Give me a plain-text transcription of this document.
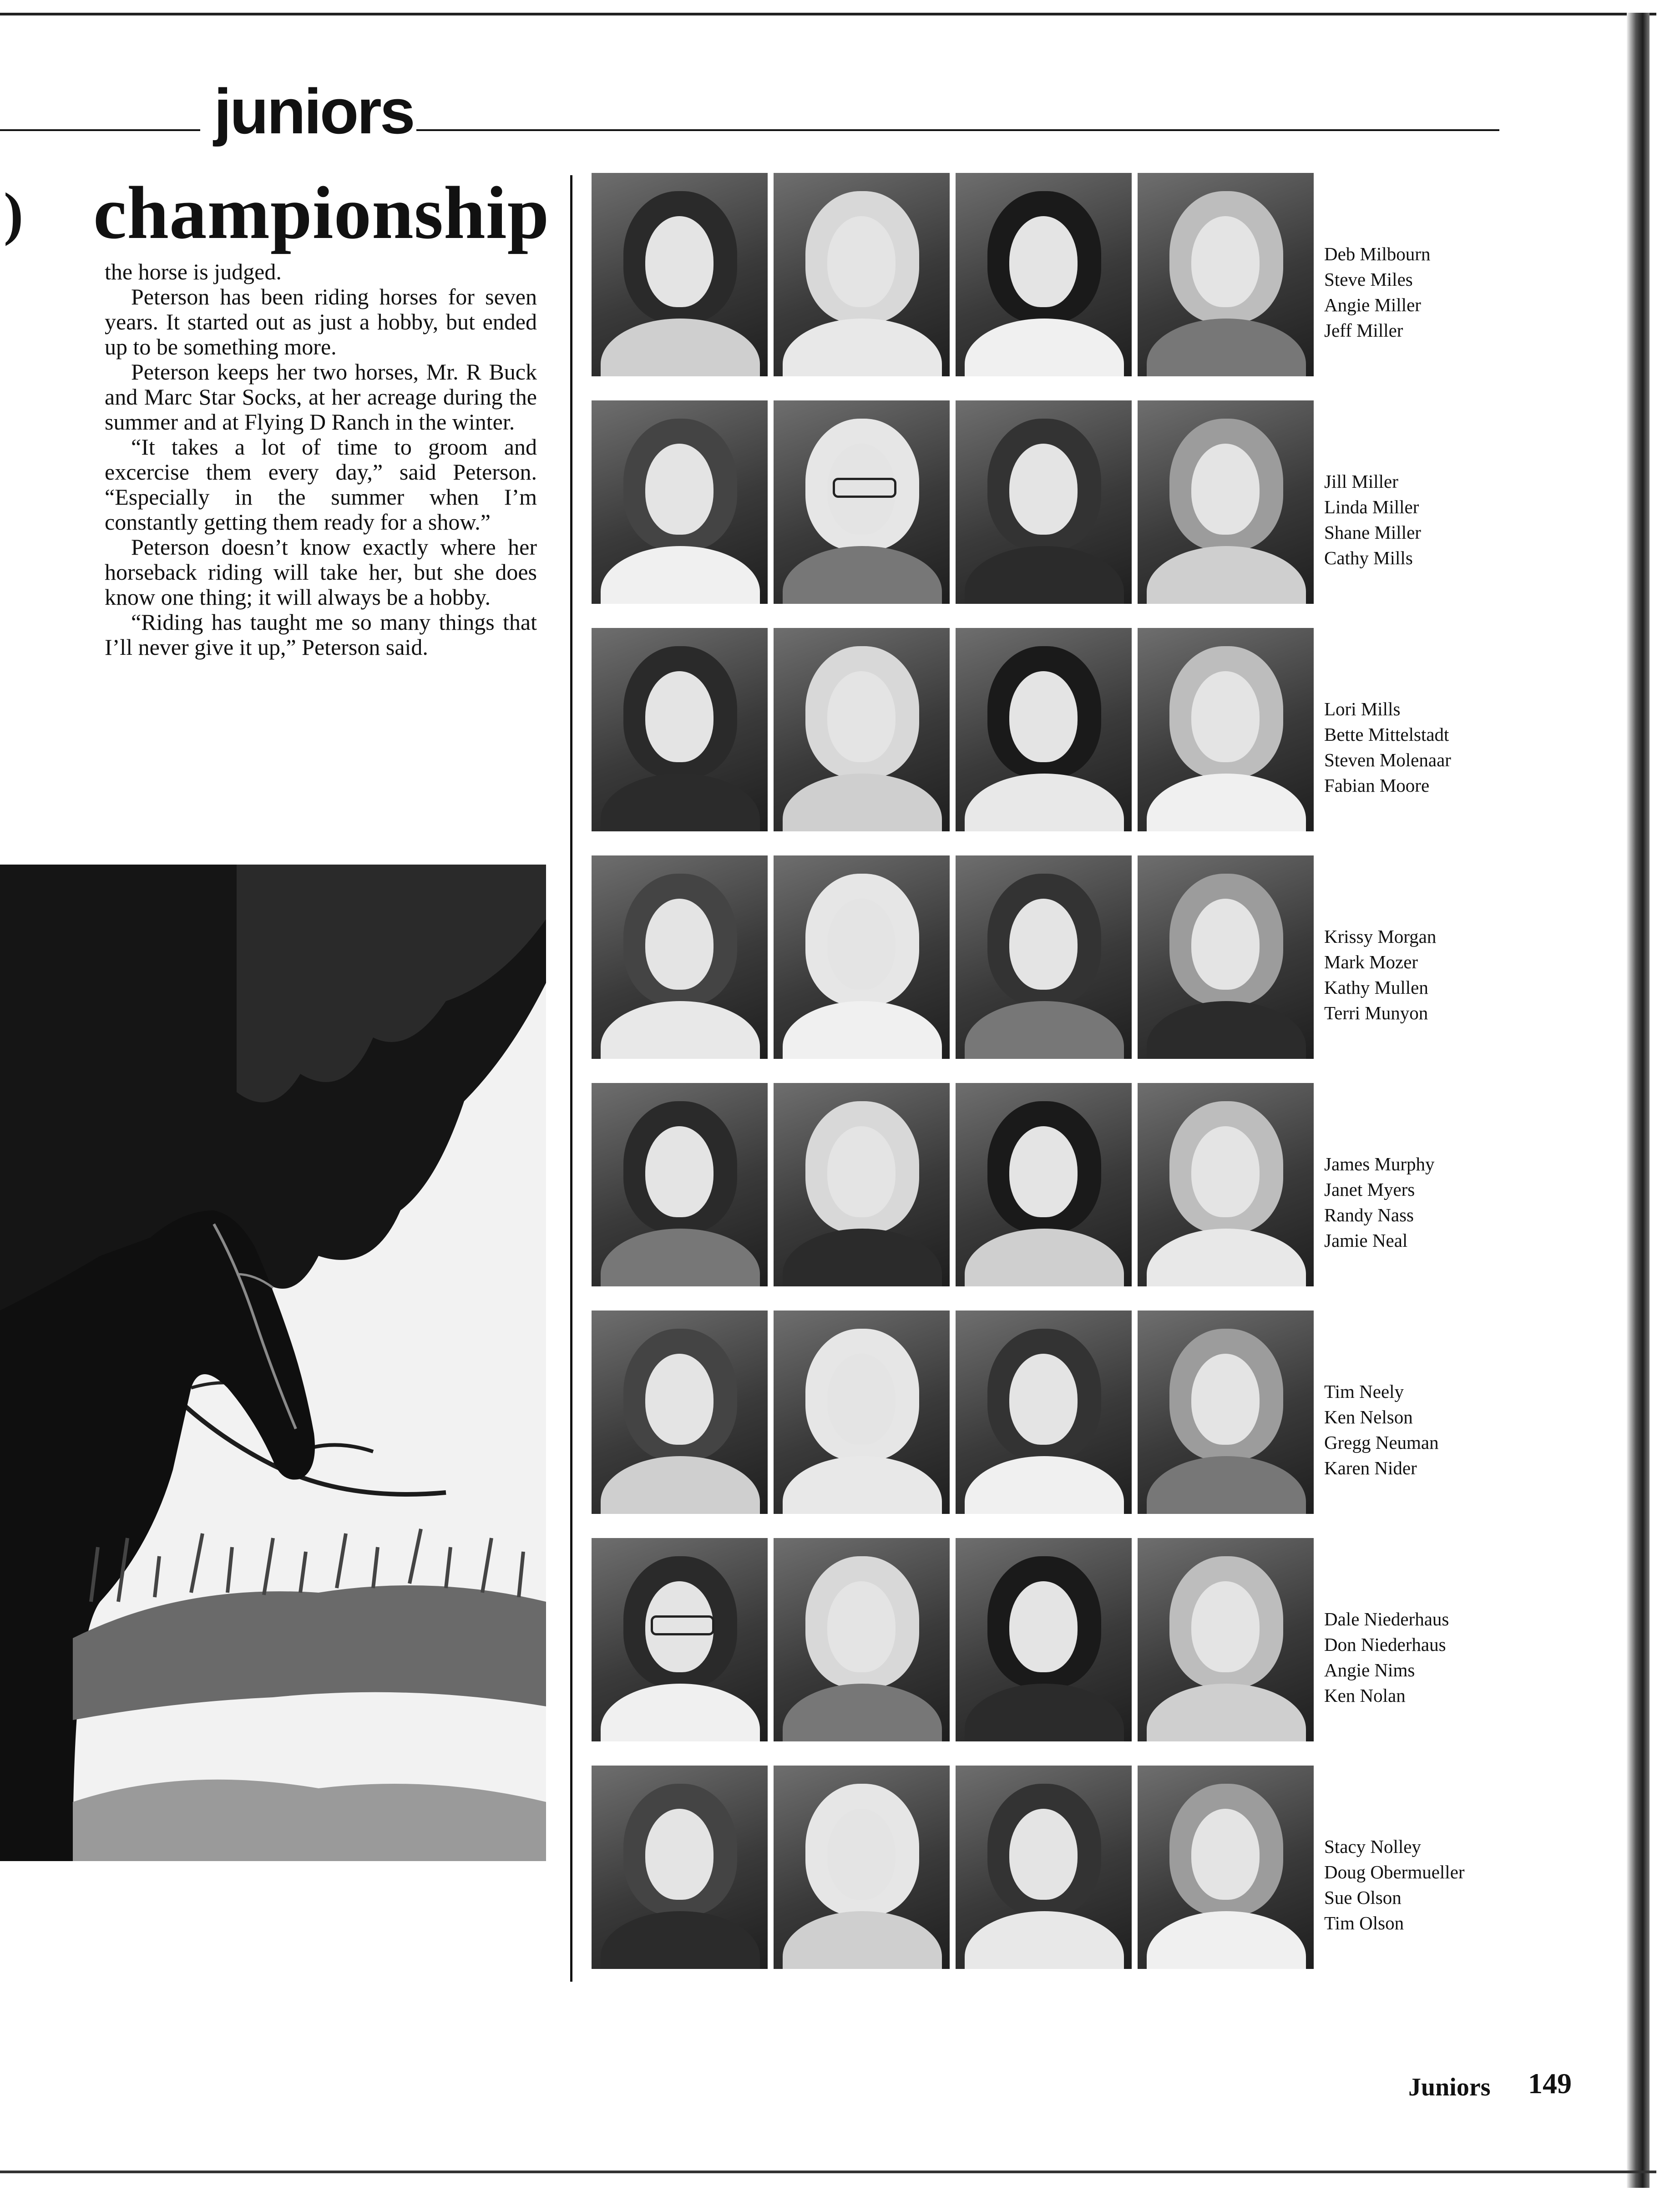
juniors
) championship

the horse is judged.

Peterson has been riding horses for seven years. It started out as just a hobby, but ended up to be something more.

Peterson keeps her two horses, Mr. R Buck and Marc Star Socks, at her acreage during the summer and at Flying D Ranch in the winter.

“It takes a lot of time to groom and excercise them every day,” said Peterson. “Especially in the summer when I’m constantly getting them ready for a show.”

Peterson doesn’t know exactly where her horseback riding will take her, but she does know one thing; it will always be a hobby.

“Riding has taught me so many things that I’ll never give it up,” Peterson said.

Deb Milbourn
Steve Miles
Angie Miller
Jeff Miller
Jill Miller
Linda Miller
Shane Miller
Cathy Mills
Lori Mills
Bette Mittelstadt
Steven Molenaar
Fabian Moore
Krissy Morgan
Mark Mozer
Kathy Mullen
Terri Munyon
James Murphy
Janet Myers
Randy Nass
Jamie Neal
Tim Neely
Ken Nelson
Gregg Neuman
Karen Nider
Dale Niederhaus
Don Niederhaus
Angie Nims
Ken Nolan
Stacy Nolley
Doug Obermueller
Sue Olson
Tim Olson
Juniors 149
